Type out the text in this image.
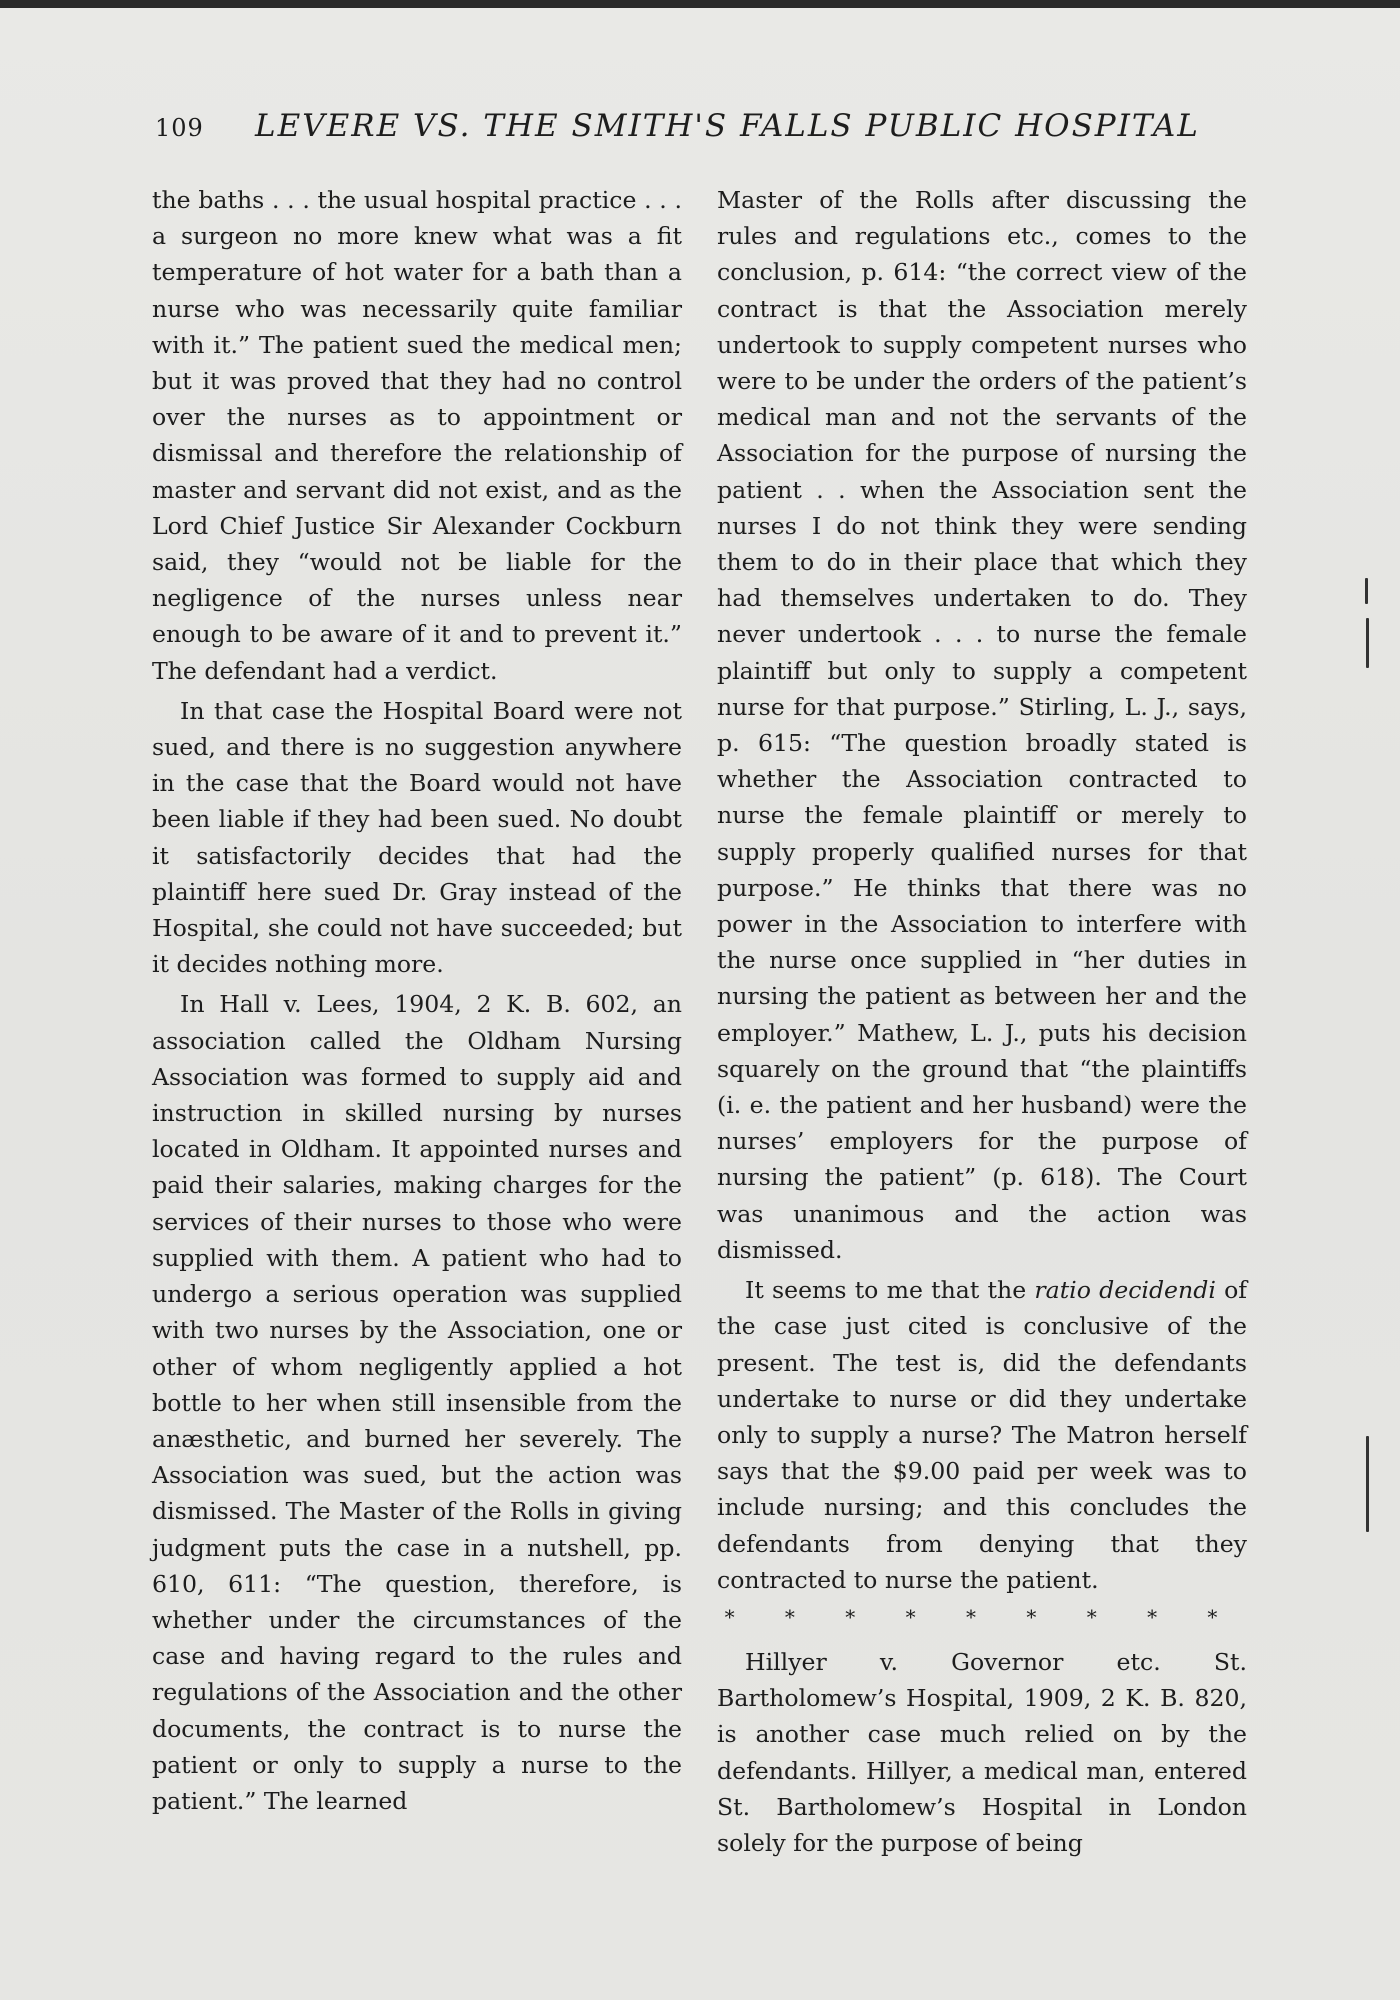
109 LEVERE VS. THE SMITH'S FALLS PUBLIC HOSPITAL

the baths . . . the usual hospital practice . . . a surgeon no more knew what was a fit temperature of hot water for a bath than a nurse who was necessarily quite familiar with it.” The patient sued the medical men; but it was proved that they had no control over the nurses as to appointment or dismissal and therefore the relationship of master and servant did not exist, and as the Lord Chief Justice Sir Alexander Cockburn said, they “would not be liable for the negligence of the nurses unless near enough to be aware of it and to prevent it.” The defendant had a verdict.

In that case the Hospital Board were not sued, and there is no suggestion anywhere in the case that the Board would not have been liable if they had been sued. No doubt it satisfactorily decides that had the plaintiff here sued Dr. Gray instead of the Hospital, she could not have succeeded; but it decides nothing more.

In Hall v. Lees, 1904, 2 K. B. 602, an association called the Oldham Nursing Association was formed to supply aid and instruction in skilled nursing by nurses located in Oldham. It appointed nurses and paid their salaries, making charges for the services of their nurses to those who were supplied with them. A patient who had to undergo a serious operation was supplied with two nurses by the Association, one or other of whom negligently applied a hot bottle to her when still insensible from the anæsthetic, and burned her severely. The Association was sued, but the action was dismissed. The Master of the Rolls in giving judgment puts the case in a nutshell, pp. 610, 611: “The question, therefore, is whether under the circumstances of the case and having regard to the rules and regulations of the Association and the other documents, the contract is to nurse the patient or only to supply a nurse to the patient.” The learned

Master of the Rolls after discussing the rules and regulations etc., comes to the conclusion, p. 614: “the correct view of the contract is that the Association merely undertook to supply competent nurses who were to be under the orders of the patient’s medical man and not the servants of the Association for the purpose of nursing the patient . . when the Association sent the nurses I do not think they were sending them to do in their place that which they had themselves undertaken to do. They never undertook . . . to nurse the female plaintiff but only to supply a competent nurse for that purpose.” Stirling, L. J., says, p. 615: “The question broadly stated is whether the Association contracted to nurse the female plaintiff or merely to supply properly qualified nurses for that purpose.” He thinks that there was no power in the Association to interfere with the nurse once supplied in “her duties in nursing the patient as between her and the employer.” Mathew, L. J., puts his decision squarely on the ground that “the plaintiffs (i. e. the patient and her husband) were the nurses’ employers for the purpose of nursing the patient” (p. 618). The Court was unanimous and the action was dismissed.

It seems to me that the ratio decidendi of the case just cited is conclusive of the present. The test is, did the defendants undertake to nurse or did they undertake only to supply a nurse? The Matron herself says that the $9.00 paid per week was to include nursing; and this concludes the defendants from denying that they contracted to nurse the patient.

* * * * * * * * *

Hillyer v. Governor etc. St. Bartholomew’s Hospital, 1909, 2 K. B. 820, is another case much relied on by the defendants. Hillyer, a medical man, entered St. Bartholomew’s Hospital in London solely for the purpose of being
